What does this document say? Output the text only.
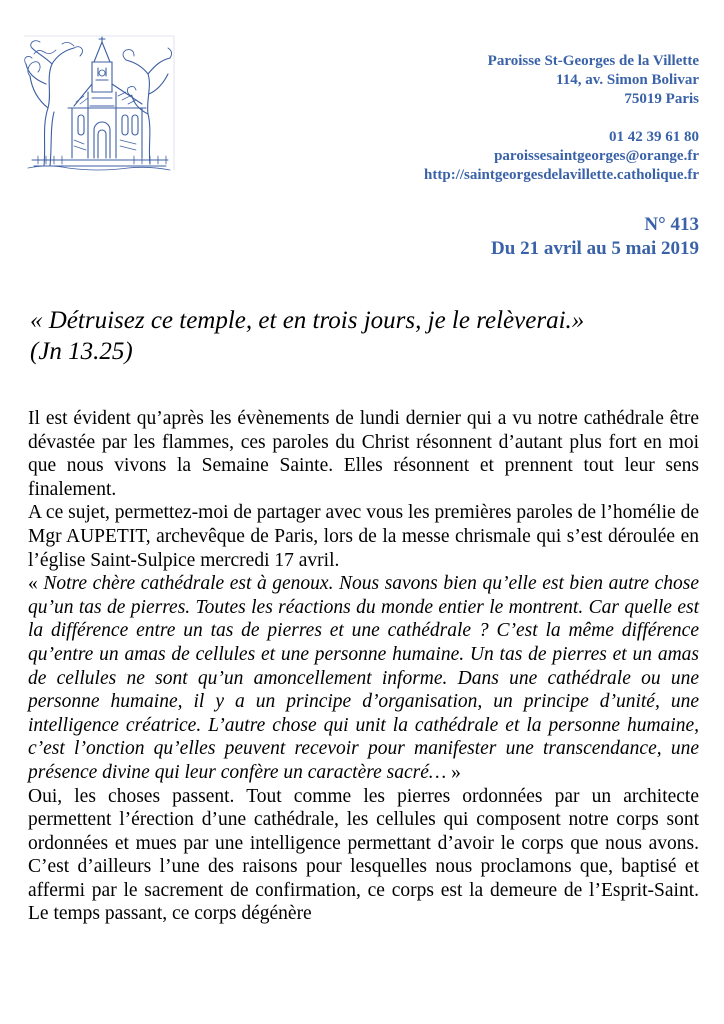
Paroisse St-Georges de la Villette
114, av. Simon Bolivar
75019 Paris
01 42 39 61 80
paroissesaintgeorges@orange.fr
http://saintgeorgesdelavillette.catholique.fr
N° 413
Du 21 avril au 5 mai 2019
« Détruisez ce temple, et en trois jours, je le relèverai.»
(Jn 13.25)

Il est évident qu’après les évènements de lundi dernier qui a vu notre cathédrale être dévastée par les flammes, ces paroles du Christ résonnent d’autant plus fort en moi que nous vivons la Semaine Sainte. Elles résonnent et prennent tout leur sens finalement.

A ce sujet, permettez-moi de partager avec vous les premières paroles de l’homélie de Mgr AUPETIT, archevêque de Paris, lors de la messe chrismale qui s’est déroulée en l’église Saint-Sulpice mercredi 17 avril.

« Notre chère cathédrale est à genoux. Nous savons bien qu’elle est bien autre chose qu’un tas de pierres. Toutes les réactions du monde entier le montrent. Car quelle est la différence entre un tas de pierres et une cathédrale ? C’est la même différence qu’entre un amas de cellules et une personne humaine. Un tas de pierres et un amas de cellules ne sont qu’un amoncellement informe. Dans une cathédrale ou une personne humaine, il y a un principe d’organisation, un principe d’unité, une intelligence créatrice. L’autre chose qui unit la cathédrale et la personne humaine, c’est l’onction qu’elles peuvent recevoir pour manifester une transcendance, une présence divine qui leur confère un caractère sacré… »

Oui, les choses passent. Tout comme les pierres ordonnées par un architecte permettent l’érection d’une cathédrale, les cellules qui composent notre corps sont ordonnées et mues par une intelligence permettant d’avoir le corps que nous avons. C’est d’ailleurs l’une des raisons pour lesquelles nous proclamons que, baptisé et affermi par le sacrement de confirmation, ce corps est la demeure de l’Esprit-Saint. Le temps passant, ce corps dégénère
